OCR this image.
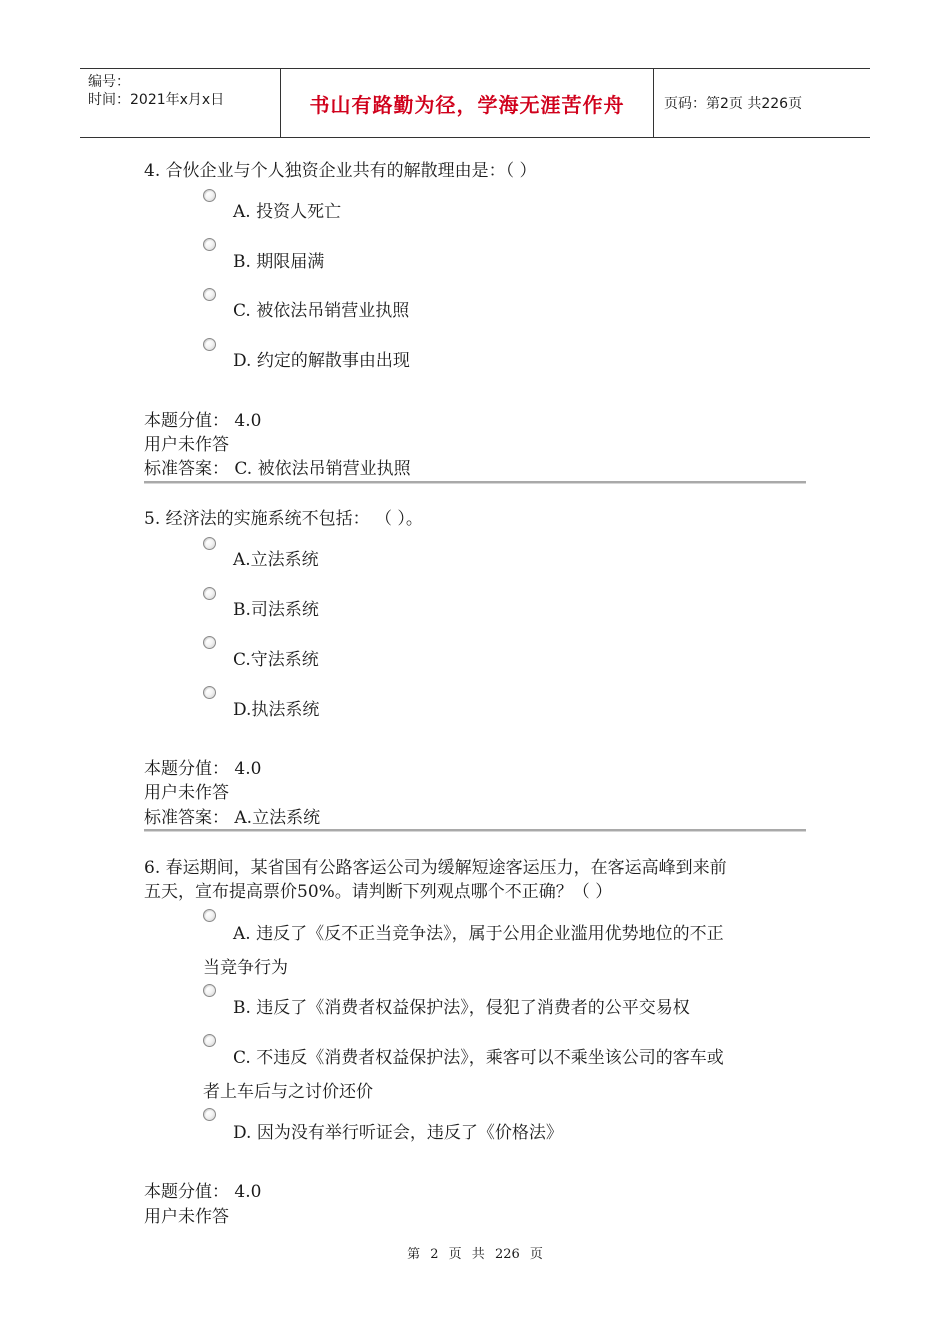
编号：
时间：2021年x月x日	书山有路勤为径，学海无涯苦作舟	页码：第2页 共226页
4. 合伙企业与个人独资企业共有的解散理由是：（ ）
A. 投资人死亡
B. 期限届满
C. 被依法吊销营业执照
D. 约定的解散事由出现
本题分值： 4.0
用户未作答
标准答案： C. 被依法吊销营业执照
5. 经济法的实施系统不包括： （ ）。
A.立法系统
B.司法系统
C.守法系统
D.执法系统
本题分值： 4.0
用户未作答
标准答案： A.立法系统
6. 春运期间，某省国有公路客运公司为缓解短途客运压力，在客运高峰到来前
五天，宣布提高票价50%。请判断下列观点哪个不正确？（ ）
A. 违反了《反不正当竞争法》，属于公用企业滥用优势地位的不正
当竞争行为
B. 违反了《消费者权益保护法》，侵犯了消费者的公平交易权
C. 不违反《消费者权益保护法》，乘客可以不乘坐该公司的客车或
者上车后与之讨价还价
D. 因为没有举行听证会，违反了《价格法》
本题分值： 4.0
用户未作答
第 2 页 共 226 页
